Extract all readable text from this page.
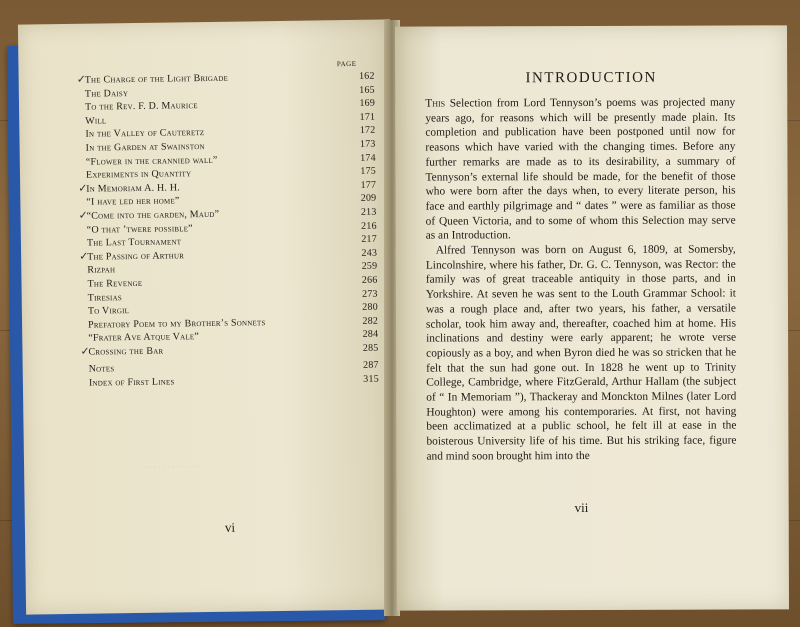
PAGE
✓
The Charge of the Light Brigade	162
The Daisy	165
To the Rev. F. D. Maurice	169
Will	171
In the Valley of Cauteretz	172
In the Garden at Swainston	173
“Flower in the crannied wall”	174
Experiments in Quantity	175
✓
In Memoriam A. H. H.	177
“I have led her home”	209
✓
“Come into the garden, Maud”	213
“O that ’twere possible”	216
The Last Tournament	217
✓
The Passing of Arthur	243
Rizpah	259
The Revenge	266
Tiresias	273
To Virgil	280
Prefatory Poem to my Brother’s Sonnets	282
“Frater Ave Atque Vale”	284
✓
Crossing the Bar	285
Notes	287
Index of First Lines	315
· · · · · · · · · · · ·
vi
INTRODUCTION

This Selection from Lord Tennyson’s poems was projected many years ago, for reasons which will be presently made plain. Its completion and publication have been postponed until now for reasons which have varied with the changing times. Before any further remarks are made as to its desirability, a summary of Tennyson’s external life should be made, for the benefit of those who were born after the days when, to every literate person, his face and earthly pilgrimage and “ dates ” were as familiar as those of Queen Victoria, and to some of whom this Selection may serve as an Introduction.

Alfred Tennyson was born on August 6, 1809, at Somersby, Lincolnshire, where his father, Dr. G. C. Tennyson, was Rector: the family was of great traceable antiquity in those parts, and in Yorkshire. At seven he was sent to the Louth Grammar School: it was a rough place and, after two years, his father, a versatile scholar, took him away and, thereafter, coached him at home. His inclinations and destiny were early apparent; he wrote verse copiously as a boy, and when Byron died he was so stricken that he felt that the sun had gone out. In 1828 he went up to Trinity College, Cambridge, where FitzGerald, Arthur Hallam (the subject of “ In Memoriam ”), Thackeray and Monckton Milnes (later Lord Houghton) were among his contemporaries. At first, not having been acclimatized at a public school, he felt ill at ease in the boisterous University life of his time. But his striking face, figure and mind soon brought him into the

vii
